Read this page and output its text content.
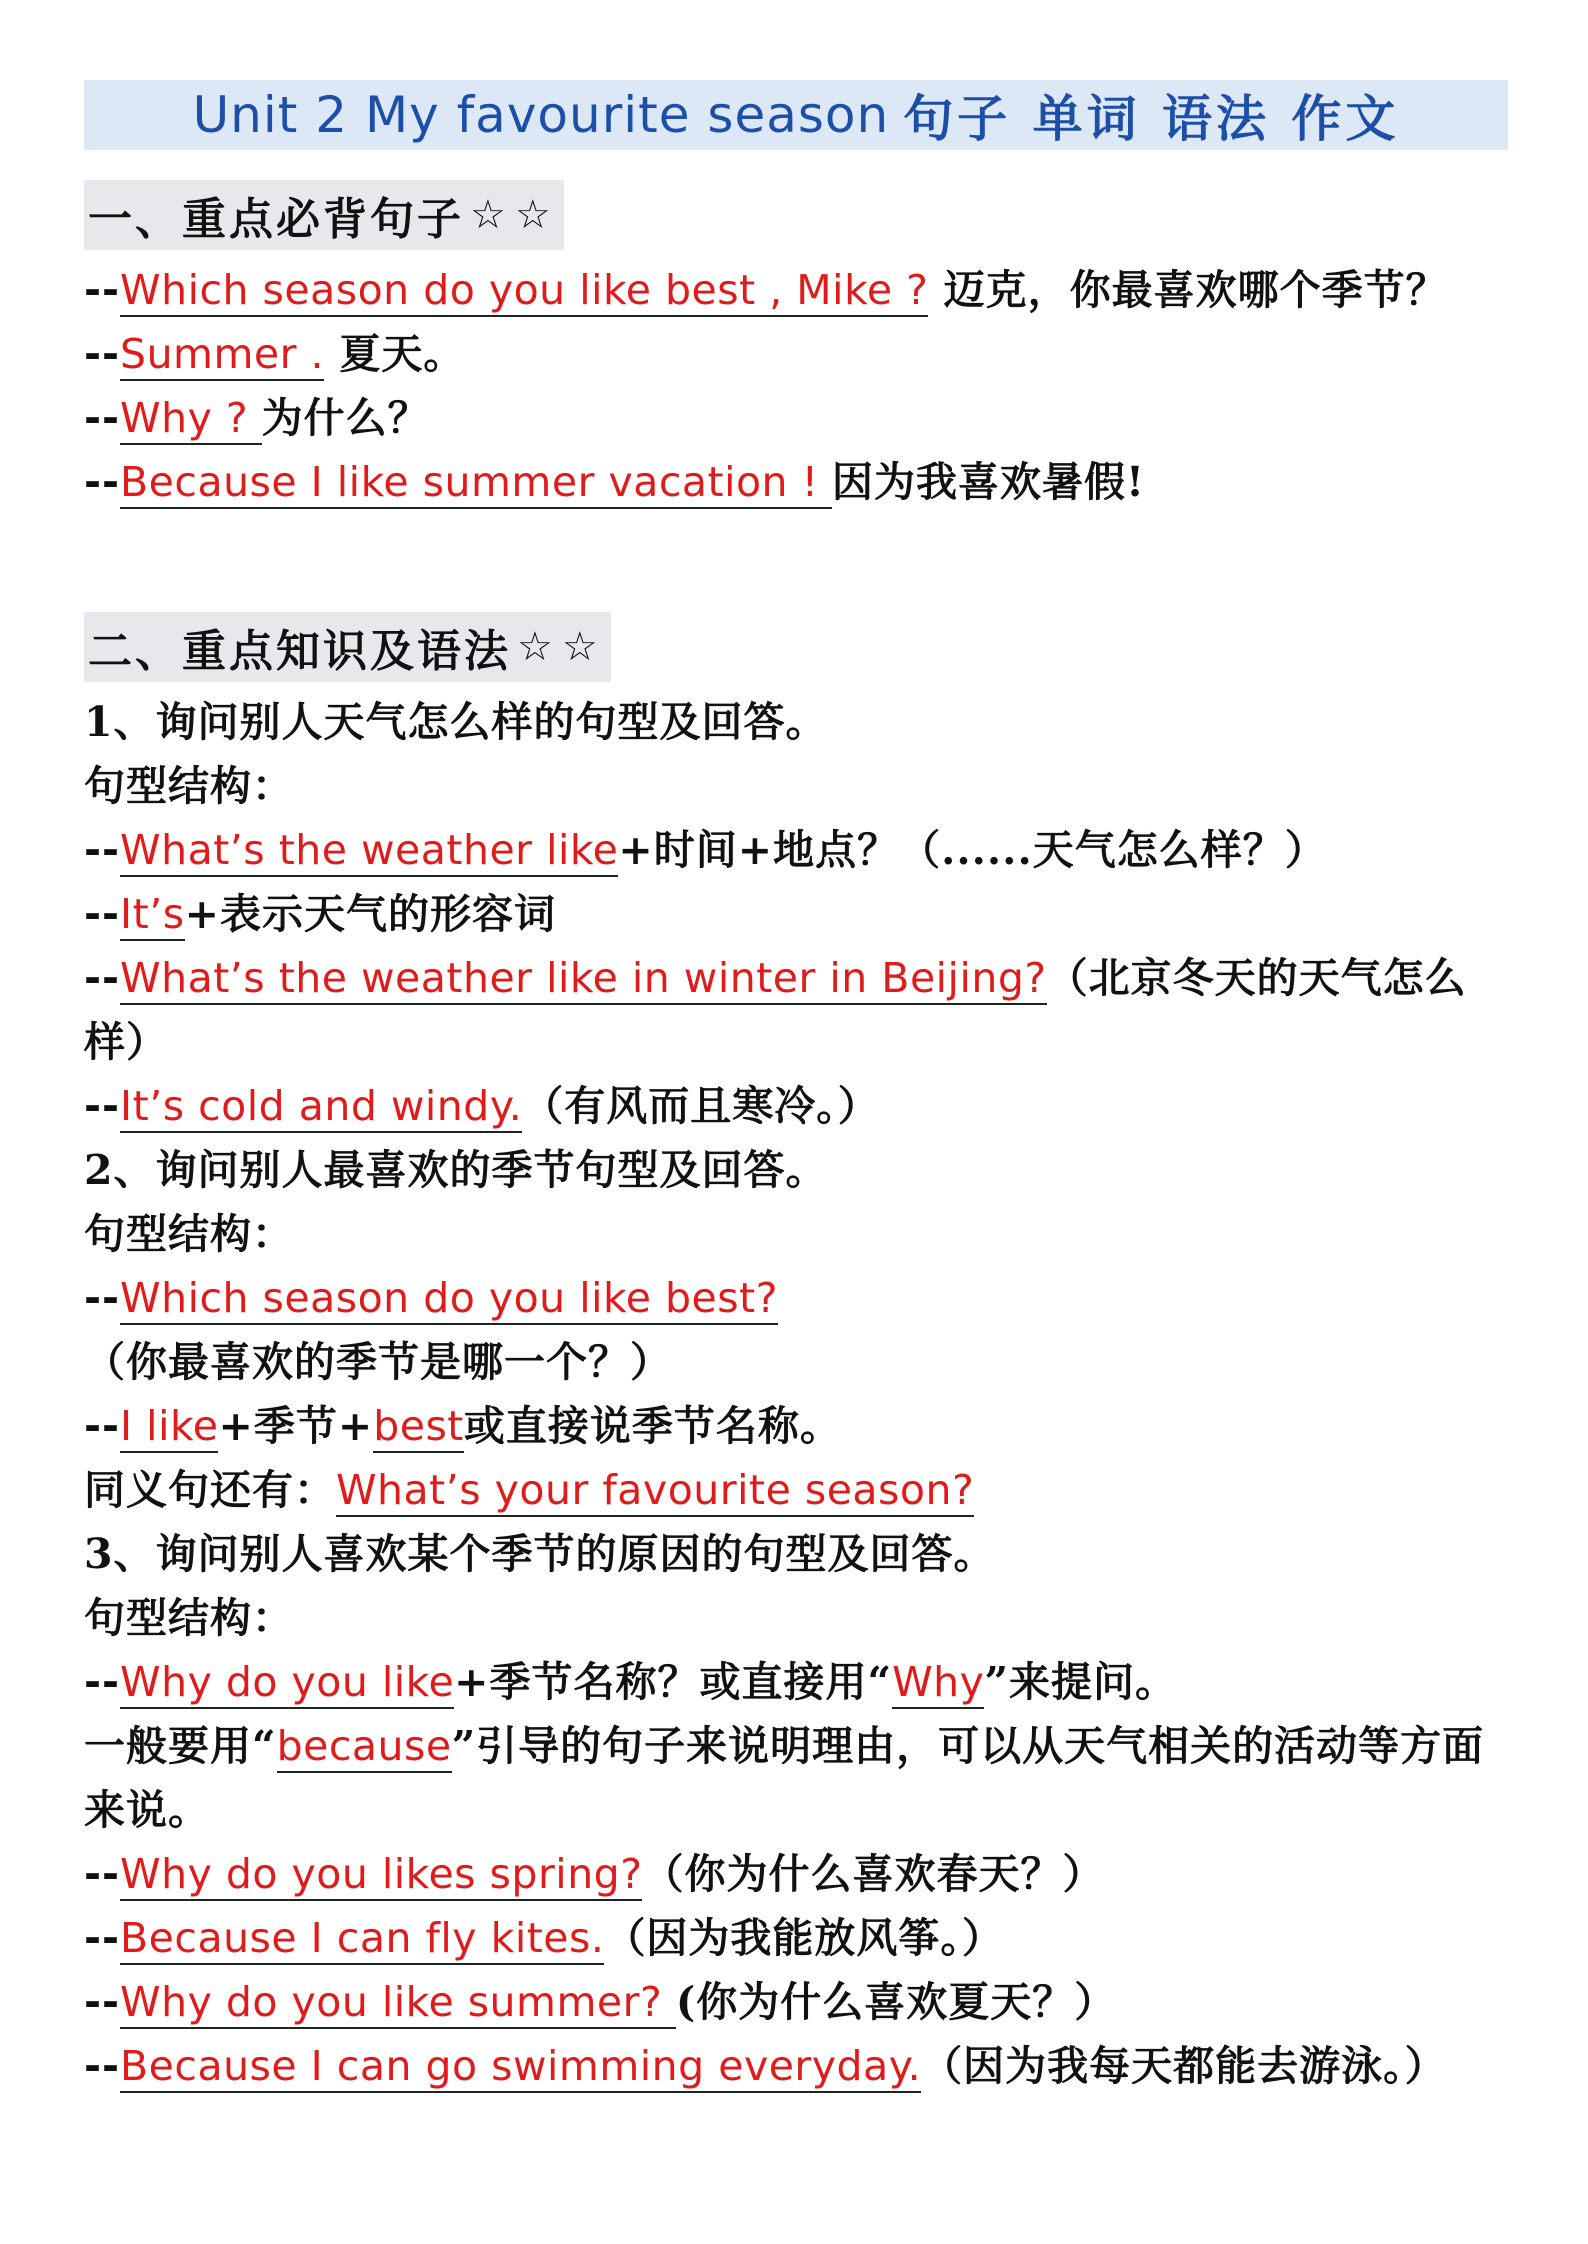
Unit 2 My favourite season 句子 单词 语法 作文
一、重点必背句子 ☆ ☆
--Which season do you like best , Mike ? 迈克，你最喜欢哪个季节？
--Summer . 夏天。
--Why ? 为什么？
--Because I like summer vacation ! 因为我喜欢暑假!
二、重点知识及语法 ☆ ☆
1、询问别人天气怎么样的句型及回答。
句型结构：
--What’s the weather like+时间+地点？（......天气怎么样？）
--It’s+表示天气的形容词
--What’s the weather like in winter in Beijing?（北京冬天的天气怎么样）
--It’s cold and windy.（有风而且寒冷。）
2、询问别人最喜欢的季节句型及回答。
句型结构：
--Which season do you like best?
（你最喜欢的季节是哪一个？）
--I like+季节+best或直接说季节名称。
同义句还有：What’s your favourite season?
3、询问别人喜欢某个季节的原因的句型及回答。
句型结构：
--Why do you like+季节名称？或直接用“Why”来提问。
一般要用“because”引导的句子来说明理由，可以从天气相关的活动等方面来说。
--Why do you likes spring?（你为什么喜欢春天？）
--Because I can fly kites.（因为我能放风筝。）
--Why do you like summer? (你为什么喜欢夏天？）
--Because I can go swimming everyday.（因为我每天都能去游泳。）
